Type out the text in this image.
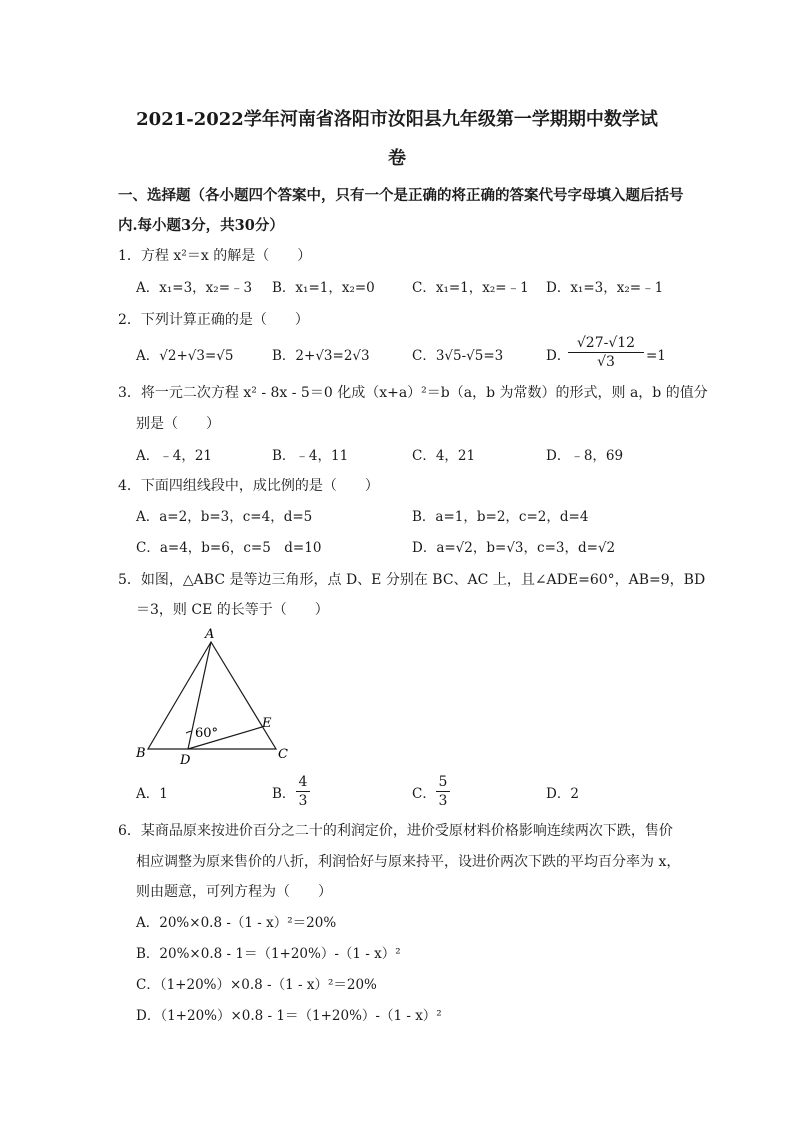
2021-2022学年河南省洛阳市汝阳县九年级第一学期期中数学试
卷
一、选择题（各小题四个答案中，只有一个是正确的将正确的答案代号字母填入题后括号
内.每小题3分，共30分）
1．方程 x²＝x 的解是（　　）
A．x₁=3，x₂=﹣3 B．x₁=1，x₂=0	C．x₁=1，x₂=﹣1 D．x₁=3，x₂=﹣1
2．下列计算正确的是（　　）
A．√2+√3=√5	B．2+√3=2√3	C．3√5-√5=3	D．
√27-√12
√3	=1
3．将一元二次方程 x² - 8x - 5＝0 化成（x+a）²＝b（a，b 为常数）的形式，则 a，b 的值分
别是（　　）
A．﹣4，21	B．﹣4，11	C．4，21	D．﹣8，69
4．下面四组线段中，成比例的是（　　）
A．a=2，b=3，c=4，d=5	B．a=1，b=2，c=2，d=4
C．a=4，b=6，c=5　d=10	D．a=√2，b=√3，c=3，d=√2
5．如图，△ABC 是等边三角形，点 D、E 分别在 BC、AC 上，且∠ADE=60°，AB=9，BD
＝3，则 CE 的长等于（　　）
A
B	C
D
E
60°
A．1	B．
4
3	C．
5
3	D．2
6．某商品原来按进价百分之二十的利润定价，进价受原材料价格影响连续两次下跌，售价
相应调整为原来售价的八折，利润恰好与原来持平，设进价两次下跌的平均百分率为 x，
则由题意，可列方程为（　　）
A．20%×0.8 -（1 - x）²＝20%
B．20%×0.8 - 1＝（1+20%）-（1 - x）²
C．（1+20%）×0.8 -（1 - x）²＝20%
D．（1+20%）×0.8 - 1＝（1+20%）-（1 - x）²
